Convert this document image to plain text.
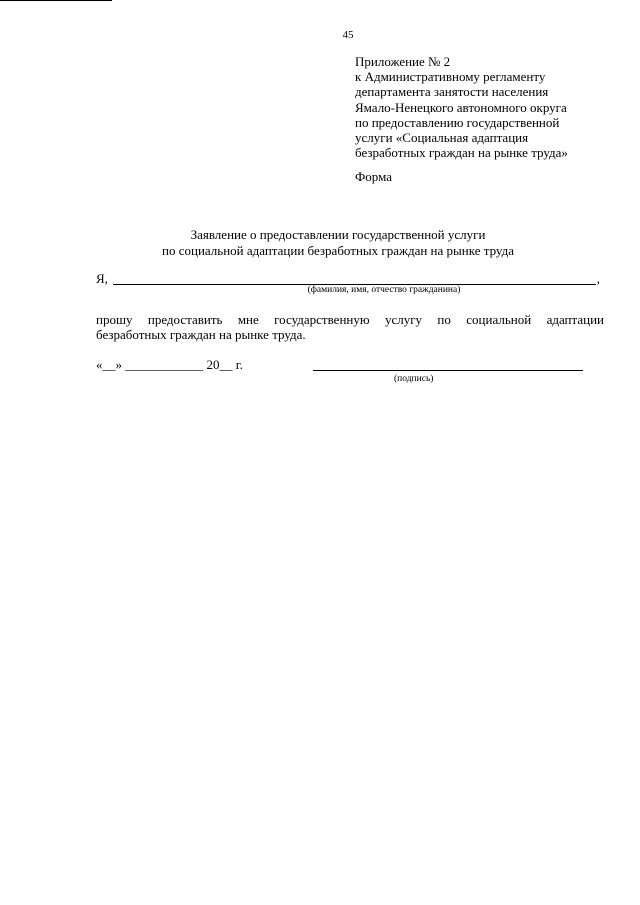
45
Приложение № 2
к Административному регламенту
департамента занятости населения
Ямало-Ненецкого автономного округа
по предоставлению государственной
услуги «Социальная адаптация
безработных граждан на рынке труда»
Форма
Заявление о предоставлении государственной услуги
по социальной адаптации безработных граждан на рынке труда
Я,	,
(фамилия, имя, отчество гражданина)
прошу предоставить мне государственную услугу по социальной адаптации
безработных граждан на рынке труда.
«__» ____________ 20__ г.
(подпись)
